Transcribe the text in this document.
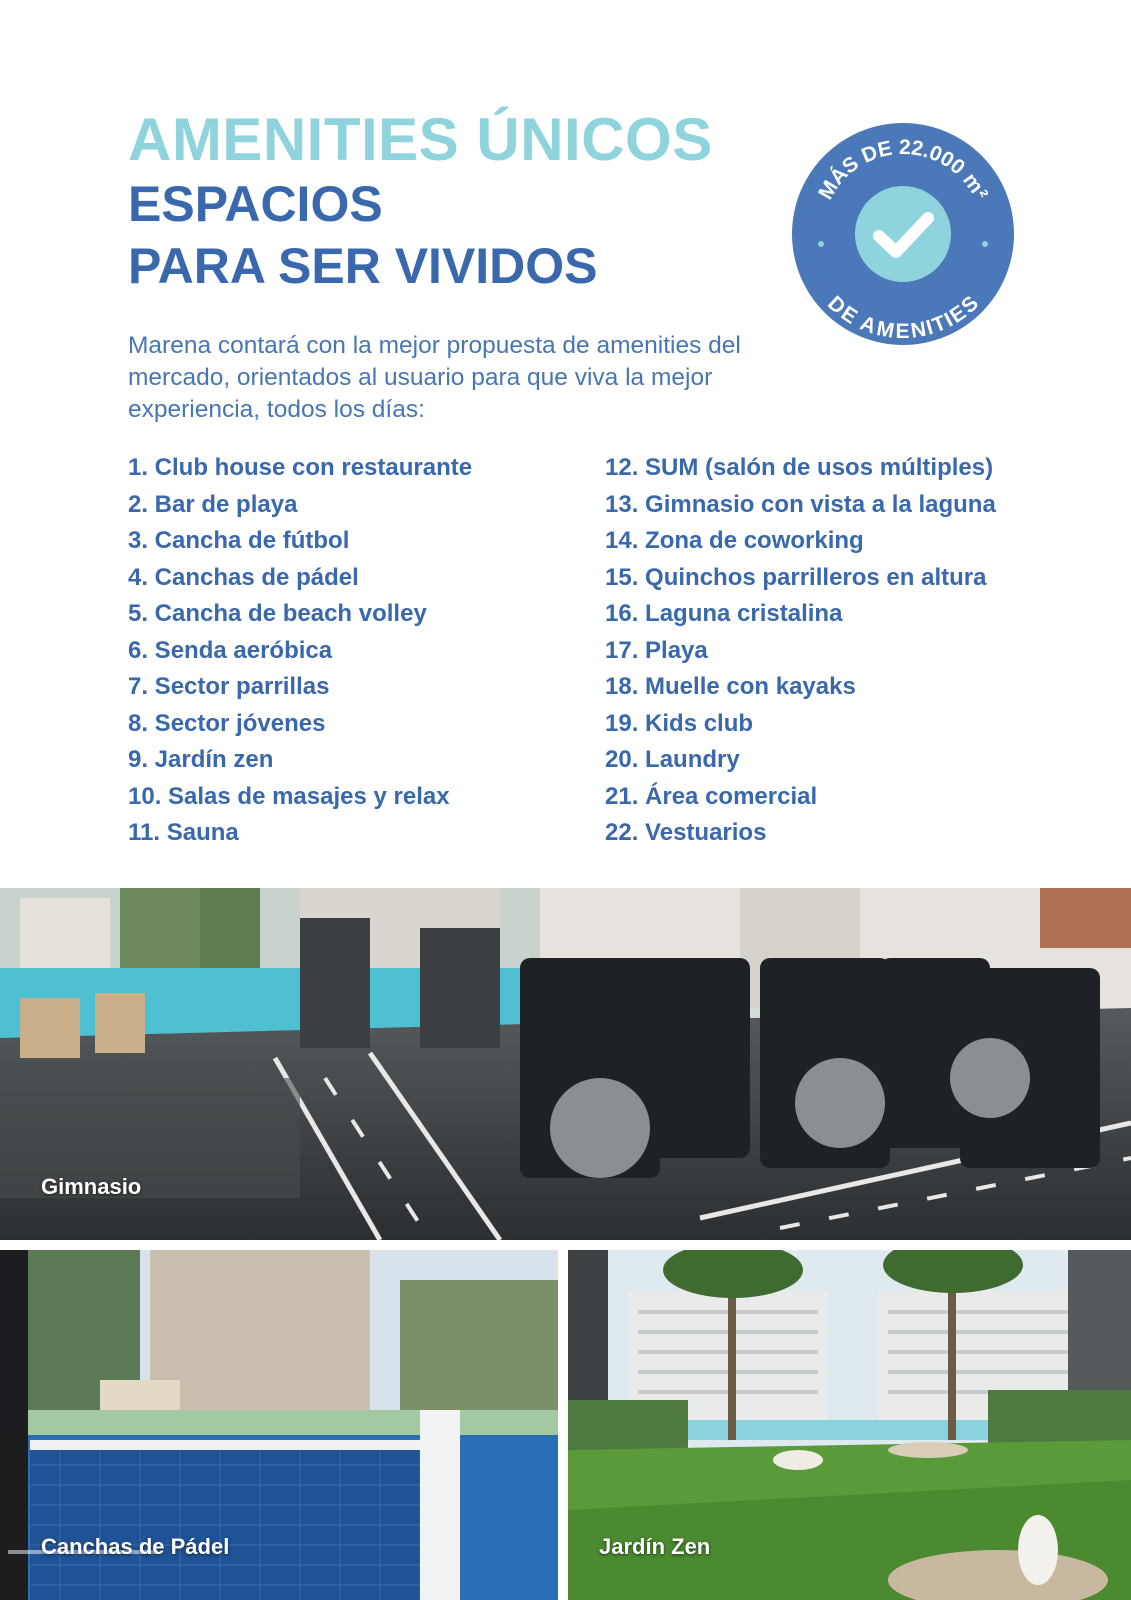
AMENITIES ÚNICOS
ESPACIOS
PARA SER VIVIDOS

Marena contará con la mejor propuesta de amenities del mercado, orientados al usuario para que viva la mejor experiencia, todos los días:

MÁS DE 22.000 m²
DE AMENITIES
1. Club house con restaurante
2. Bar de playa
3. Cancha de fútbol
4. Canchas de pádel
5. Cancha de beach volley
6. Senda aeróbica
7. Sector parrillas
8. Sector jóvenes
9. Jardín zen
10. Salas de masajes y relax
11. Sauna
12. SUM (salón de usos múltiples)
13. Gimnasio con vista a la laguna
14. Zona de coworking
15. Quinchos parrilleros en altura
16. Laguna cristalina
17. Playa
18. Muelle con kayaks
19. Kids club
20. Laundry
21. Área comercial
22. Vestuarios
Gimnasio
Canchas de Pádel	Jardín Zen
